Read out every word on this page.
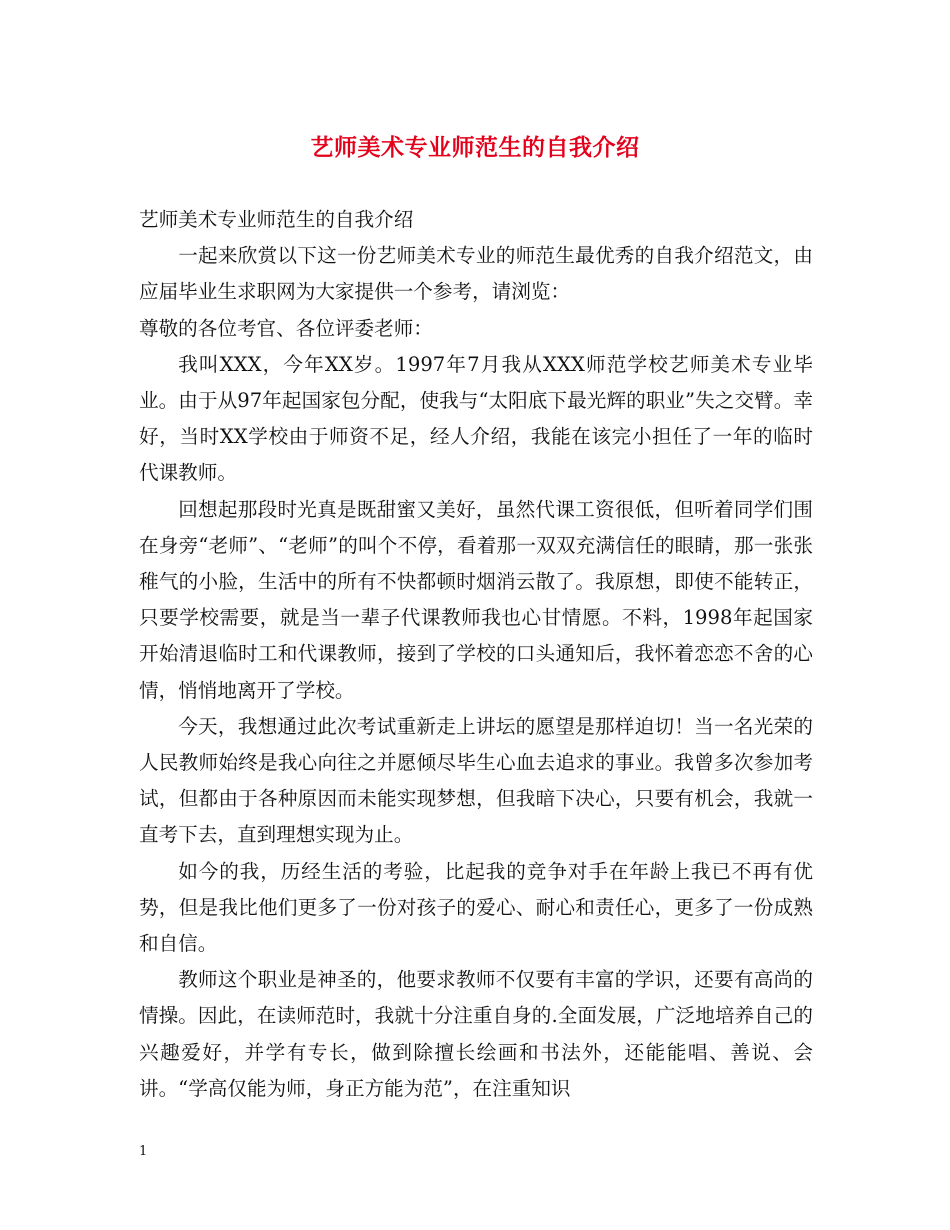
艺师美术专业师范生的自我介绍

艺师美术专业师范生的自我介绍

一起来欣赏以下这一份艺师美术专业的师范生最优秀的自我介绍范文，由应届毕业生求职网为大家提供一个参考，请浏览：

尊敬的各位考官、各位评委老师：

我叫XXX，今年XX岁。1997年7月我从XXX师范学校艺师美术专业毕业。由于从97年起国家包分配，使我与“太阳底下最光辉的职业”失之交臂。幸好，当时XX学校由于师资不足，经人介绍，我能在该完小担任了一年的临时代课教师。

回想起那段时光真是既甜蜜又美好，虽然代课工资很低，但听着同学们围在身旁“老师”、“老师”的叫个不停，看着那一双双充满信任的眼睛，那一张张稚气的小脸，生活中的所有不快都顿时烟消云散了。我原想，即使不能转正，只要学校需要，就是当一辈子代课教师我也心甘情愿。不料，1998年起国家开始清退临时工和代课教师，接到了学校的口头通知后，我怀着恋恋不舍的心情，悄悄地离开了学校。

今天，我想通过此次考试重新走上讲坛的愿望是那样迫切！当一名光荣的人民教师始终是我心向往之并愿倾尽毕生心血去追求的事业。我曾多次参加考试，但都由于各种原因而未能实现梦想，但我暗下决心，只要有机会，我就一直考下去，直到理想实现为止。

如今的我，历经生活的考验，比起我的竞争对手在年龄上我已不再有优势，但是我比他们更多了一份对孩子的爱心、耐心和责任心，更多了一份成熟和自信。

教师这个职业是神圣的，他要求教师不仅要有丰富的学识，还要有高尚的情操。因此，在读师范时，我就十分注重自身的.全面发展，广泛地培养自己的兴趣爱好，并学有专长，做到除擅长绘画和书法外，还能能唱、善说、会讲。“学高仅能为师，身正方能为范”，在注重知识

1
